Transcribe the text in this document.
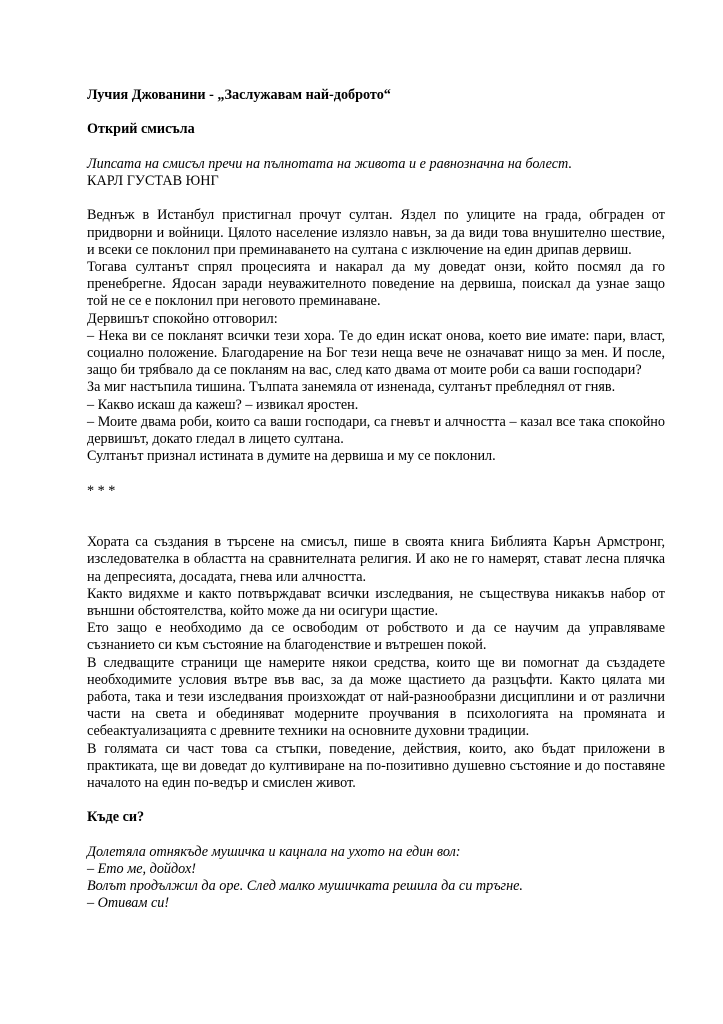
Лучия Джованини - „Заслужавам най-доброто“
Открий смисъла
Липсата на смисъл пречи на пълнотата на живота и е равнозначна на болест.
КАРЛ ГУСТАВ ЮНГ

Веднъж в Истанбул пристигнал прочут султан. Яздел по улиците на града, обграден от придворни и войници. Цялото население излязло навън, за да види това внушително шествие, и всеки се поклонил при преминаването на султана с изключение на един дрипав дервиш.

Тогава султанът спрял процесията и накарал да му доведат онзи, който посмял да го пренебрегне. Ядосан заради неуважителното поведение на дервиша, поискал да узнае защо той не се е поклонил при неговото преминаване.

Дервишът спокойно отговорил:

– Нека ви се покланят всички тези хора. Те до един искат онова, което вие имате: пари, власт, социално положение. Благодарение на Бог тези неща вече не означават нищо за мен. И после, защо би трябвало да се покланям на вас, след като двама от моите роби са ваши господари?

За миг настъпила тишина. Тълпата занемяла от изненада, султанът пребледнял от гняв.

– Какво искаш да кажеш? – извикал яростен.

– Моите двама роби, които са ваши господари, са гневът и алчността – казал все така спокойно дервишът, докато гледал в лицето султана.

Султанът признал истината в думите на дервиша и му се поклонил.

* * *

Хората са създания в търсене на смисъл, пише в своята книга Библията Карън Армстронг, изследователка в областта на сравнителната религия. И ако не го намерят, стават лесна плячка на депресията, досадата, гнева или алчността.

Както видяхме и както потвърждават всички изследвания, не съществува никакъв набор от външни обстоятелства, който може да ни осигури щастие.

Ето защо е необходимо да се освободим от робството и да се научим да управляваме съзнанието си към състояние на благоденствие и вътрешен покой.

В следващите страници ще намерите някои средства, които ще ви помогнат да създадете необходимите условия вътре във вас, за да може щастието да разцъфти. Както цялата ми работа, така и тези изследвания произхождат от най-разнообразни дисциплини и от различни части на света и обединяват модерните проучвания в психологията на промяната и себеактуализацията с древните техники на основните духовни традиции.

В голямата си част това са стъпки, поведение, действия, които, ако бъдат приложени в практиката, ще ви доведат до култивиране на по-позитивно душевно състояние и до поставяне началото на един по-ведър и смислен живот.

Къде си?
Долетяла отнякъде мушичка и кацнала на ухото на един вол:
– Ето ме, дойдох!
Волът продължил да оре. След малко мушичката решила да си тръгне.
– Отивам си!
